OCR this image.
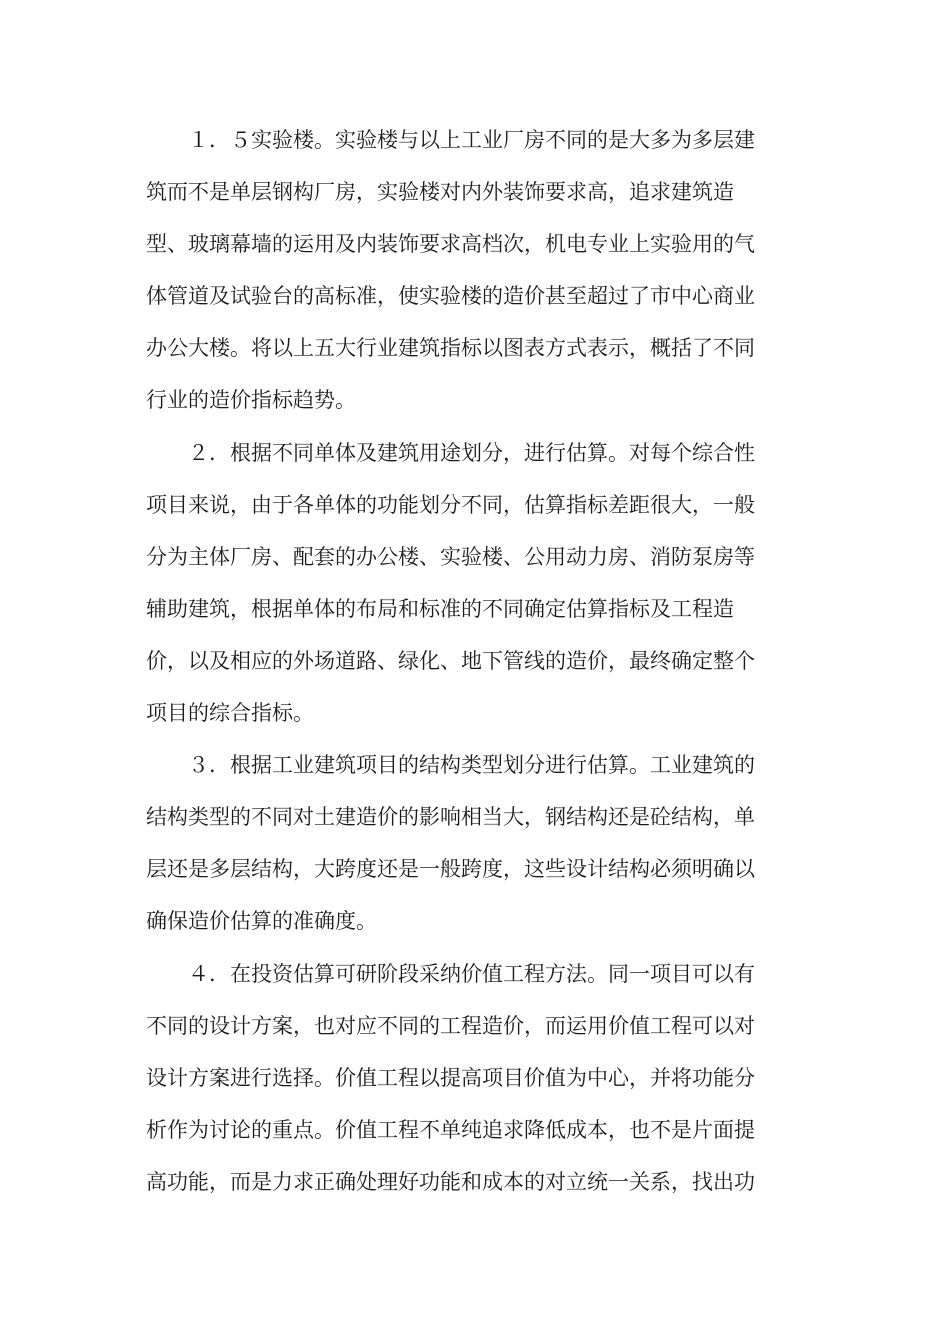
１．５实验楼。实验楼与以上工业厂房不同的是大多为多层建
筑而不是单层钢构厂房，实验楼对内外装饰要求高，追求建筑造
型、玻璃幕墙的运用及内装饰要求高档次，机电专业上实验用的气
体管道及试验台的高标准，使实验楼的造价甚至超过了市中心商业
办公大楼。将以上五大行业建筑指标以图表方式表示，概括了不同
行业的造价指标趋势。
２．根据不同单体及建筑用途划分，进行估算。对每个综合性
项目来说，由于各单体的功能划分不同，估算指标差距很大，一般
分为主体厂房、配套的办公楼、实验楼、公用动力房、消防泵房等
辅助建筑，根据单体的布局和标准的不同确定估算指标及工程造
价，以及相应的外场道路、绿化、地下管线的造价，最终确定整个
项目的综合指标。
３．根据工业建筑项目的结构类型划分进行估算。工业建筑的
结构类型的不同对土建造价的影响相当大，钢结构还是砼结构，单
层还是多层结构，大跨度还是一般跨度，这些设计结构必须明确以
确保造价估算的准确度。
４．在投资估算可研阶段采纳价值工程方法。同一项目可以有
不同的设计方案，也对应不同的工程造价，而运用价值工程可以对
设计方案进行选择。价值工程以提高项目价值为中心，并将功能分
析作为讨论的重点。价值工程不单纯追求降低成本，也不是片面提
高功能，而是力求正确处理好功能和成本的对立统一关系，找出功
